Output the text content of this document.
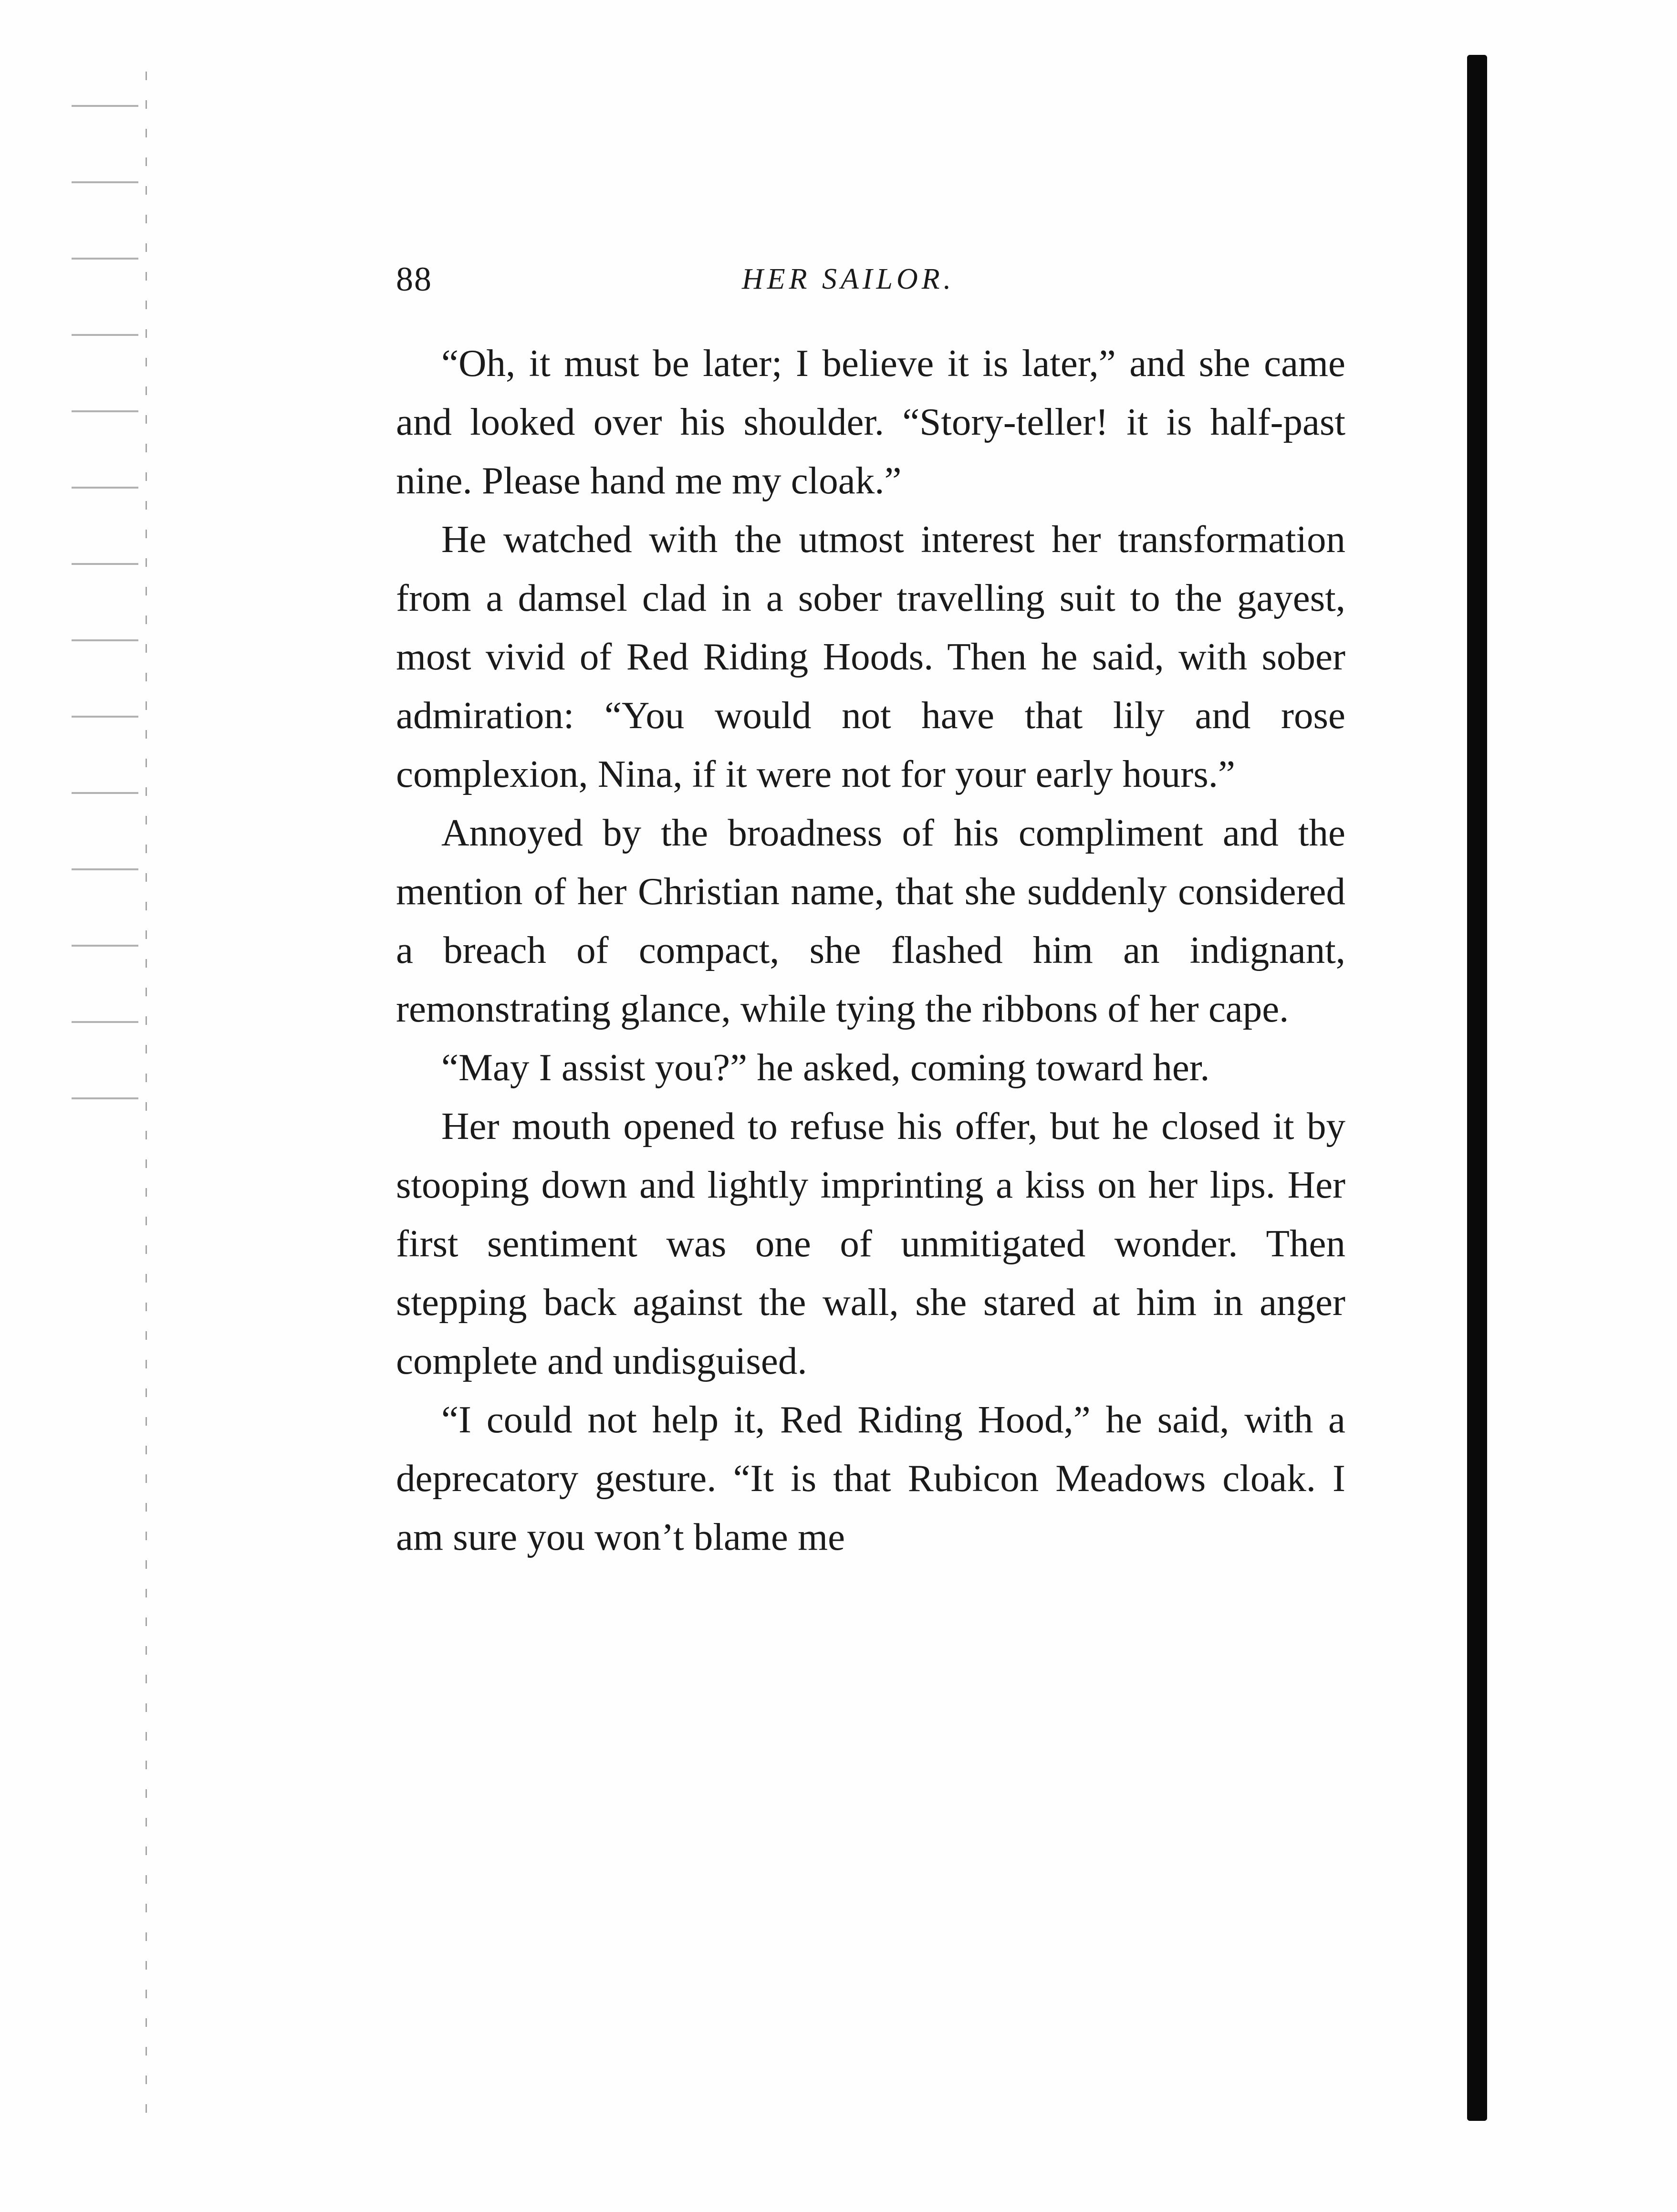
88	HER SAILOR.

“Oh, it must be later; I believe it is later,” and she came and looked over his shoulder. “Story-teller! it is half-past nine. Please hand me my cloak.”

He watched with the utmost interest her transformation from a damsel clad in a sober travelling suit to the gayest, most vivid of Red Riding Hoods. Then he said, with sober admiration: “You would not have that lily and rose complexion, Nina, if it were not for your early hours.”

Annoyed by the broadness of his compliment and the mention of her Christian name, that she suddenly considered a breach of compact, she flashed him an indignant, remonstrating glance, while tying the ribbons of her cape.

“May I assist you?” he asked, coming toward her.

Her mouth opened to refuse his offer, but he closed it by stooping down and lightly imprinting a kiss on her lips. Her first sentiment was one of unmitigated wonder. Then stepping back against the wall, she stared at him in anger complete and undisguised.

“I could not help it, Red Riding Hood,” he said, with a deprecatory gesture. “It is that Rubicon Meadows cloak. I am sure you won’t blame me
